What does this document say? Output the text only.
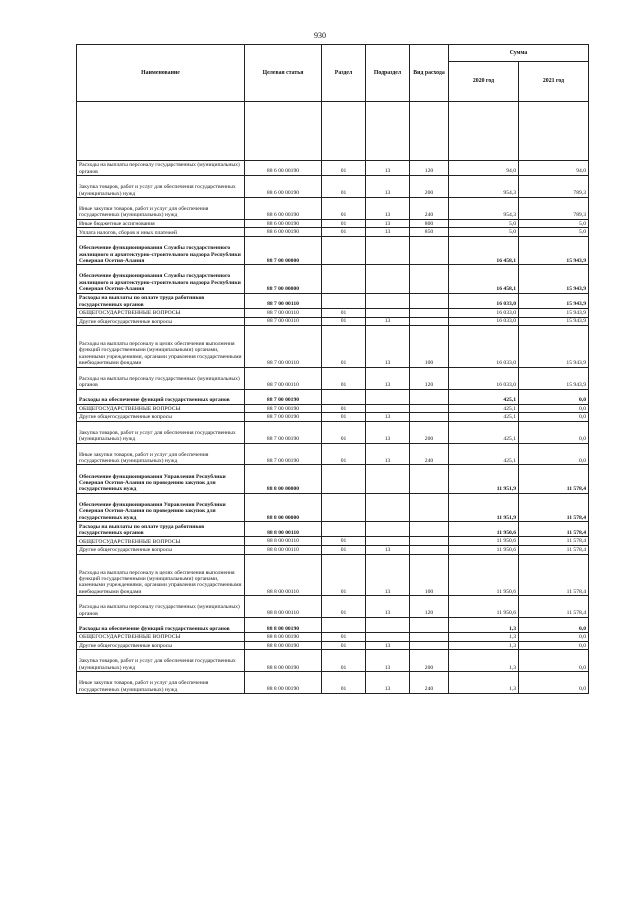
930
Наименование	Целевая статья	Раздел	Подраздел	Вид расхода	Сумма	
					2020 год	2021 год

Расходы на выплаты персоналу государственных (муниципальных) органов	88 6 00 00190	01	13	120	94,0	94,0
Закупка товаров, работ и услуг для обеспечения государственных (муниципальных) нужд	88 6 00 00190	01	13	200	954,3	789,3
Иные закупки товаров, работ и услуг для обеспечения государственных (муниципальных) нужд	88 6 00 00190	01	13	240	954,3	789,3
Иные бюджетные ассигнования	88 6 00 00190	01	13	800	5,0	5,0
Уплата налогов, сборов и иных платежей	88 6 00 00190	01	13	850	5,0	5,0
Обеспечение функционирования Службы государственного жилищного и архитектурно-строительного надзора Республики Северная Осетия-Алания	88 7 00 00000				16 458,1	15 943,9
Обеспечение функционирования Службы государственного жилищного и архитектурно-строительного надзора Республики Северная Осетия-Алания	88 7 00 00000				16 458,1	15 943,9
Расходы на выплаты по оплате труда работников государственных органов	88 7 00 00110				16 033,0	15 943,9
ОБЩЕГОСУДАРСТВЕННЫЕ ВОПРОСЫ	88 7 00 00110	01			16 033,0	15 943,9
Другие общегосударственные вопросы	88 7 00 00110	01	13		16 033,0	15 943,9
Расходы на выплаты персоналу в целях обеспечения выполнения функций государственными (муниципальными) органами, казенными учреждениями, органами управления государственными внебюджетными фондами	88 7 00 00110	01	13	100	16 033,0	15 943,9
Расходы на выплаты персоналу государственных (муниципальных) органов	88 7 00 00110	01	13	120	16 033,0	15 943,9
Расходы на обеспечение функций государственных органов	88 7 00 00190				425,1	0,0
ОБЩЕГОСУДАРСТВЕННЫЕ ВОПРОСЫ	88 7 00 00190	01			425,1	0,0
Другие общегосударственные вопросы	88 7 00 00190	01	13		425,1	0,0
Закупка товаров, работ и услуг для обеспечения государственных (муниципальных) нужд	88 7 00 00190	01	13	200	425,1	0,0
Иные закупки товаров, работ и услуг для обеспечения государственных (муниципальных) нужд	88 7 00 00190	01	13	240	425,1	0,0
Обеспечение функционирования Управления Республики Северная Осетия-Алания по проведению закупок для государственных нужд	88 8 00 00000				11 951,9	11 578,4
Обеспечение функционирования Управления Республики Северная Осетия-Алания по проведению закупок для государственных нужд	88 8 00 00000				11 951,9	11 578,4
Расходы на выплаты по оплате труда работников государственных органов	88 8 00 00110				11 950,6	11 578,4
ОБЩЕГОСУДАРСТВЕННЫЕ ВОПРОСЫ	88 8 00 00110	01			11 950,6	11 578,4
Другие общегосударственные вопросы	88 8 00 00110	01	13		11 950,6	11 578,4
Расходы на выплаты персоналу в целях обеспечения выполнения функций государственными (муниципальными) органами, казенными учреждениями, органами управления государственными внебюджетными фондами	88 8 00 00110	01	13	100	11 950,6	11 578,4
Расходы на выплаты персоналу государственных (муниципальных) органов	88 8 00 00110	01	13	120	11 950,6	11 578,4
Расходы на обеспечение функций государственных органов	88 8 00 00190				1,3	0,0
ОБЩЕГОСУДАРСТВЕННЫЕ ВОПРОСЫ	88 8 00 00190	01			1,3	0,0
Другие общегосударственные вопросы	88 8 00 00190	01	13		1,3	0,0
Закупка товаров, работ и услуг для обеспечения государственных (муниципальных) нужд	88 8 00 00190	01	13	200	1,3	0,0
Иные закупки товаров, работ и услуг для обеспечения государственных (муниципальных) нужд	88 8 00 00190	01	13	240	1,3	0,0
